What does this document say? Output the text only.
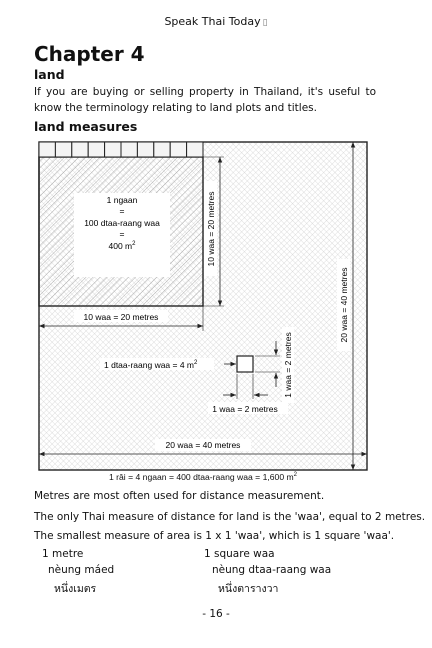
Speak Thai Today ▯
Chapter 4
land
If you are buying or selling property in Thailand, it's useful to know the terminology relating to land plots and titles.
land measures
1 ngaan
=
100 dtaa-raang waa
=
400 $m^2$
10 waa = 20 metres
10 waa = 20 metres
20 waa = 40 metres
20 waa = 40 metres
1 dtaa-raang waa = 4 $m^2$
1 waa = 2 metres
1 waa = 2 metres
1 râi = 4 ngaan = 400 dtaa-raang waa = 1,600 $m^2$
Metres are most often used for distance measurement.
The only Thai measure of distance for land is the 'waa', equal to 2 metres.
The smallest measure of area is 1 x 1 'waa', which is 1 square 'waa'.
1 metre
nèung máed
หนึ่งเมตร
1 square waa
nèung dtaa-raang waa
หนึ่งตารางวา
- 16 -
